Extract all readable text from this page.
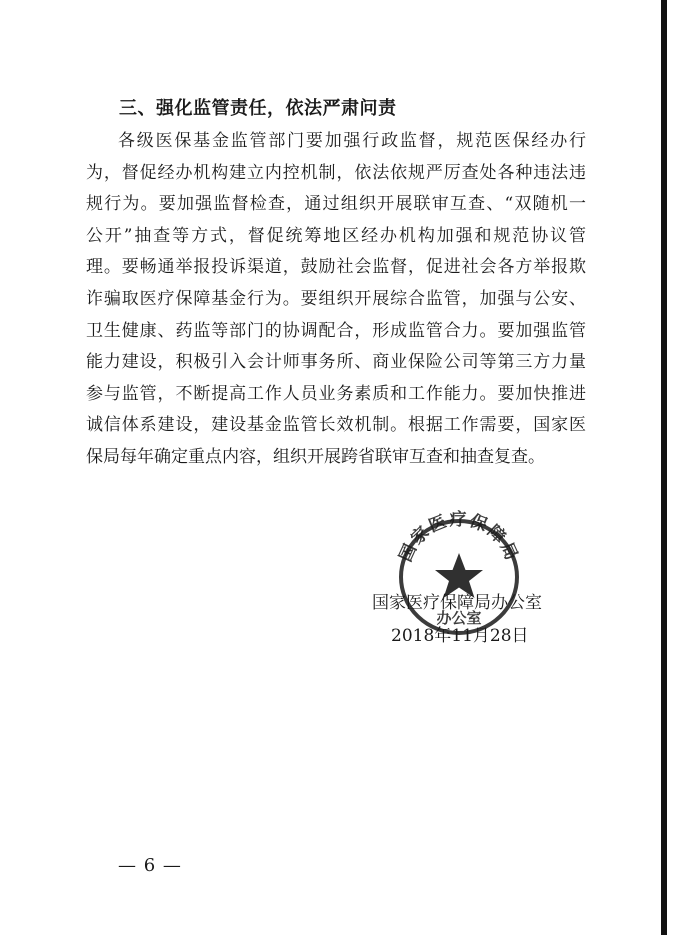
三、强化监管责任，依法严肃问责
各级医保基金监管部门要加强行政监督，规范医保经办行
为，督促经办机构建立内控机制，依法依规严厉查处各种违法违
规行为。要加强监督检查，通过组织开展联审互查、“双随机一
公开”抽查等方式，督促统筹地区经办机构加强和规范协议管
理。要畅通举报投诉渠道，鼓励社会监督，促进社会各方举报欺
诈骗取医疗保障基金行为。要组织开展综合监管，加强与公安、
卫生健康、药监等部门的协调配合，形成监管合力。要加强监管
能力建设，积极引入会计师事务所、商业保险公司等第三方力量
参与监管，不断提高工作人员业务素质和工作能力。要加快推进
诚信体系建设，建设基金监管长效机制。根据工作需要，国家医
保局每年确定重点内容，组织开展跨省联审互查和抽查复查。
国家医疗保障局
办公室
国家医疗保障局办公室
2018年11月28日
— 6 —
